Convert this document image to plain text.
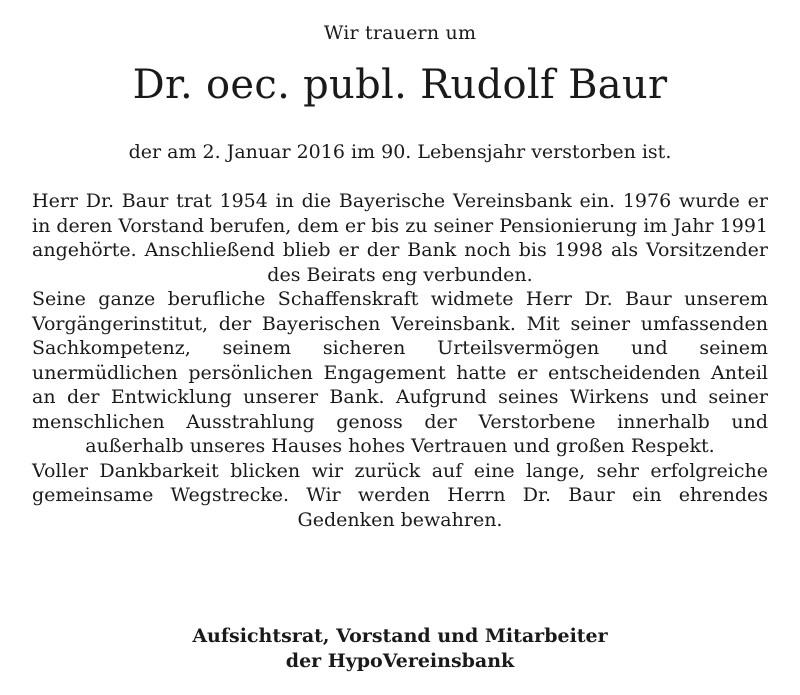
Wir trauern um
Dr. oec. publ. Rudolf Baur
der am 2. Januar 2016 im 90. Lebensjahr verstorben ist.

Herr Dr. Baur trat 1954 in die Bayerische Vereinsbank ein. 1976 wurde er in deren Vorstand berufen, dem er bis zu seiner Pensionierung im Jahr 1991 angehörte. Anschließend blieb er der Bank noch bis 1998 als Vorsitzender des Beirats eng verbunden.

Seine ganze berufliche Schaffenskraft widmete Herr Dr. Baur unserem Vorgängerinstitut, der Bayerischen Vereinsbank. Mit seiner umfassenden Sachkompetenz, seinem sicheren Urteilsvermögen und seinem unermüdlichen persönlichen Engagement hatte er entscheidenden Anteil an der Entwicklung unserer Bank. Aufgrund seines Wirkens und seiner menschlichen Ausstrahlung genoss der Verstorbene innerhalb und außerhalb unseres Hauses hohes Vertrauen und großen Respekt.

Voller Dankbarkeit blicken wir zurück auf eine lange, sehr erfolgreiche gemeinsame Wegstrecke. Wir werden Herrn Dr. Baur ein ehrendes Gedenken bewahren.

Aufsichtsrat, Vorstand und Mitarbeiter
der HypoVereinsbank
